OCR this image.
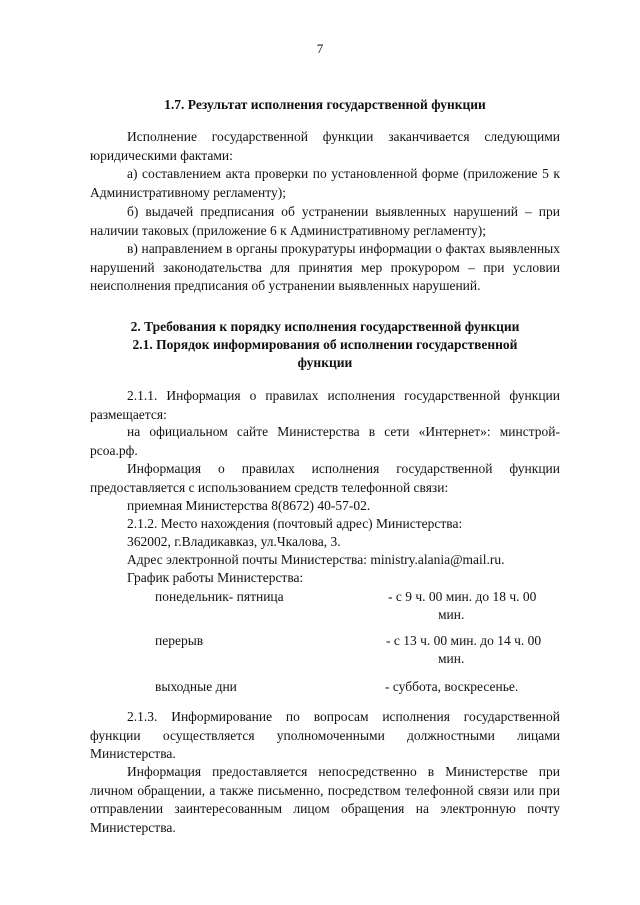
7
1.7. Результат исполнения государственной функции
Исполнение государственной функции заканчивается следующими юридическими фактами:
а) составлением акта проверки по установленной форме (приложение 5 к Административному регламенту);
б) выдачей предписания об устранении выявленных нарушений – при наличии таковых (приложение 6 к Административному регламенту);
в) направлением в органы прокуратуры информации о фактах выявленных нарушений законодательства для принятия мер прокурором – при условии неисполнения предписания об устранении выявленных нарушений.
2. Требования к порядку исполнения государственной функции
2.1. Порядок информирования об исполнении государственной
функции
2.1.1. Информация о правилах исполнения государственной функции размещается:
на официальном сайте Министерства в сети «Интернет»: минстрой-рсоа.рф.
Информация о правилах исполнения государственной функции предоставляется с использованием средств телефонной связи:
приемная Министерства 8(8672) 40-57-02.
2.1.2. Место нахождения (почтовый адрес) Министерства:
362002, г.Владикавказ, ул.Чкалова, 3.
Адрес электронной почты Министерства: ministry.alania@mail.ru.
График работы Министерства:
понедельник- пятница	- с 9 ч. 00 мин. до 18 ч. 00
мин.
перерыв	- с 13 ч. 00 мин. до 14 ч. 00
мин.
выходные дни	- суббота, воскресенье.
2.1.3. Информирование по вопросам исполнения государственной функции осуществляется уполномоченными должностными лицами Министерства.
Информация предоставляется непосредственно в Министерстве при личном обращении, а также письменно, посредством телефонной связи или при отправлении заинтересованным лицом обращения на электронную почту Министерства.
